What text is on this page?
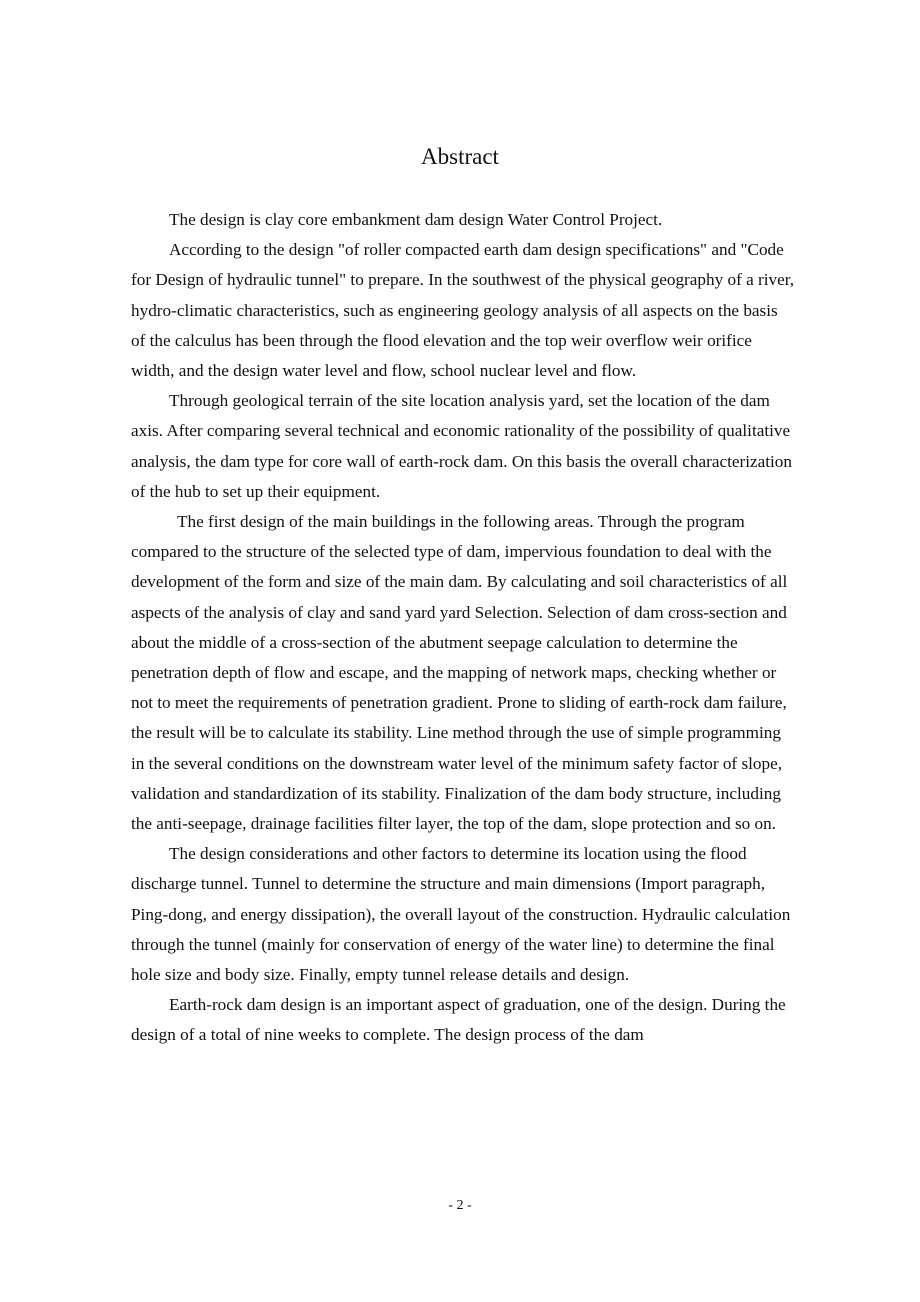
Abstract

The design is clay core embankment dam design Water Control Project.

According to the design "of roller compacted earth dam design specifications" and "Code for Design of hydraulic tunnel" to prepare. In the southwest of the physical geography of a river, hydro-climatic characteristics, such as engineering geology analysis of all aspects on the basis of the calculus has been through the flood elevation and the top weir overflow weir orifice width, and the design water level and flow, school nuclear level and flow.

Through geological terrain of the site location analysis yard, set the location of the dam axis. After comparing several technical and economic rationality of the possibility of qualitative analysis, the dam type for core wall of earth-rock dam. On this basis the overall characterization of the hub to set up their equipment.

The first design of the main buildings in the following areas. Through the program compared to the structure of the selected type of dam, impervious foundation to deal with the development of the form and size of the main dam. By calculating and soil characteristics of all aspects of the analysis of clay and sand yard yard Selection. Selection of dam cross-section and about the middle of a cross-section of the abutment seepage calculation to determine the penetration depth of flow and escape, and the mapping of network maps, checking whether or not to meet the requirements of penetration gradient. Prone to sliding of earth-rock dam failure, the result will be to calculate its stability. Line method through the use of simple programming in the several conditions on the downstream water level of the minimum safety factor of slope, validation and standardization of its stability. Finalization of the dam body structure, including the anti-seepage, drainage facilities filter layer, the top of the dam, slope protection and so on.

The design considerations and other factors to determine its location using the flood discharge tunnel. Tunnel to determine the structure and main dimensions (Import paragraph, Ping-dong, and energy dissipation), the overall layout of the construction. Hydraulic calculation through the tunnel (mainly for conservation of energy of the water line) to determine the final hole size and body size. Finally, empty tunnel release details and design.

Earth-rock dam design is an important aspect of graduation, one of the design. During the design of a total of nine weeks to complete. The design process of the dam

- 2 -
